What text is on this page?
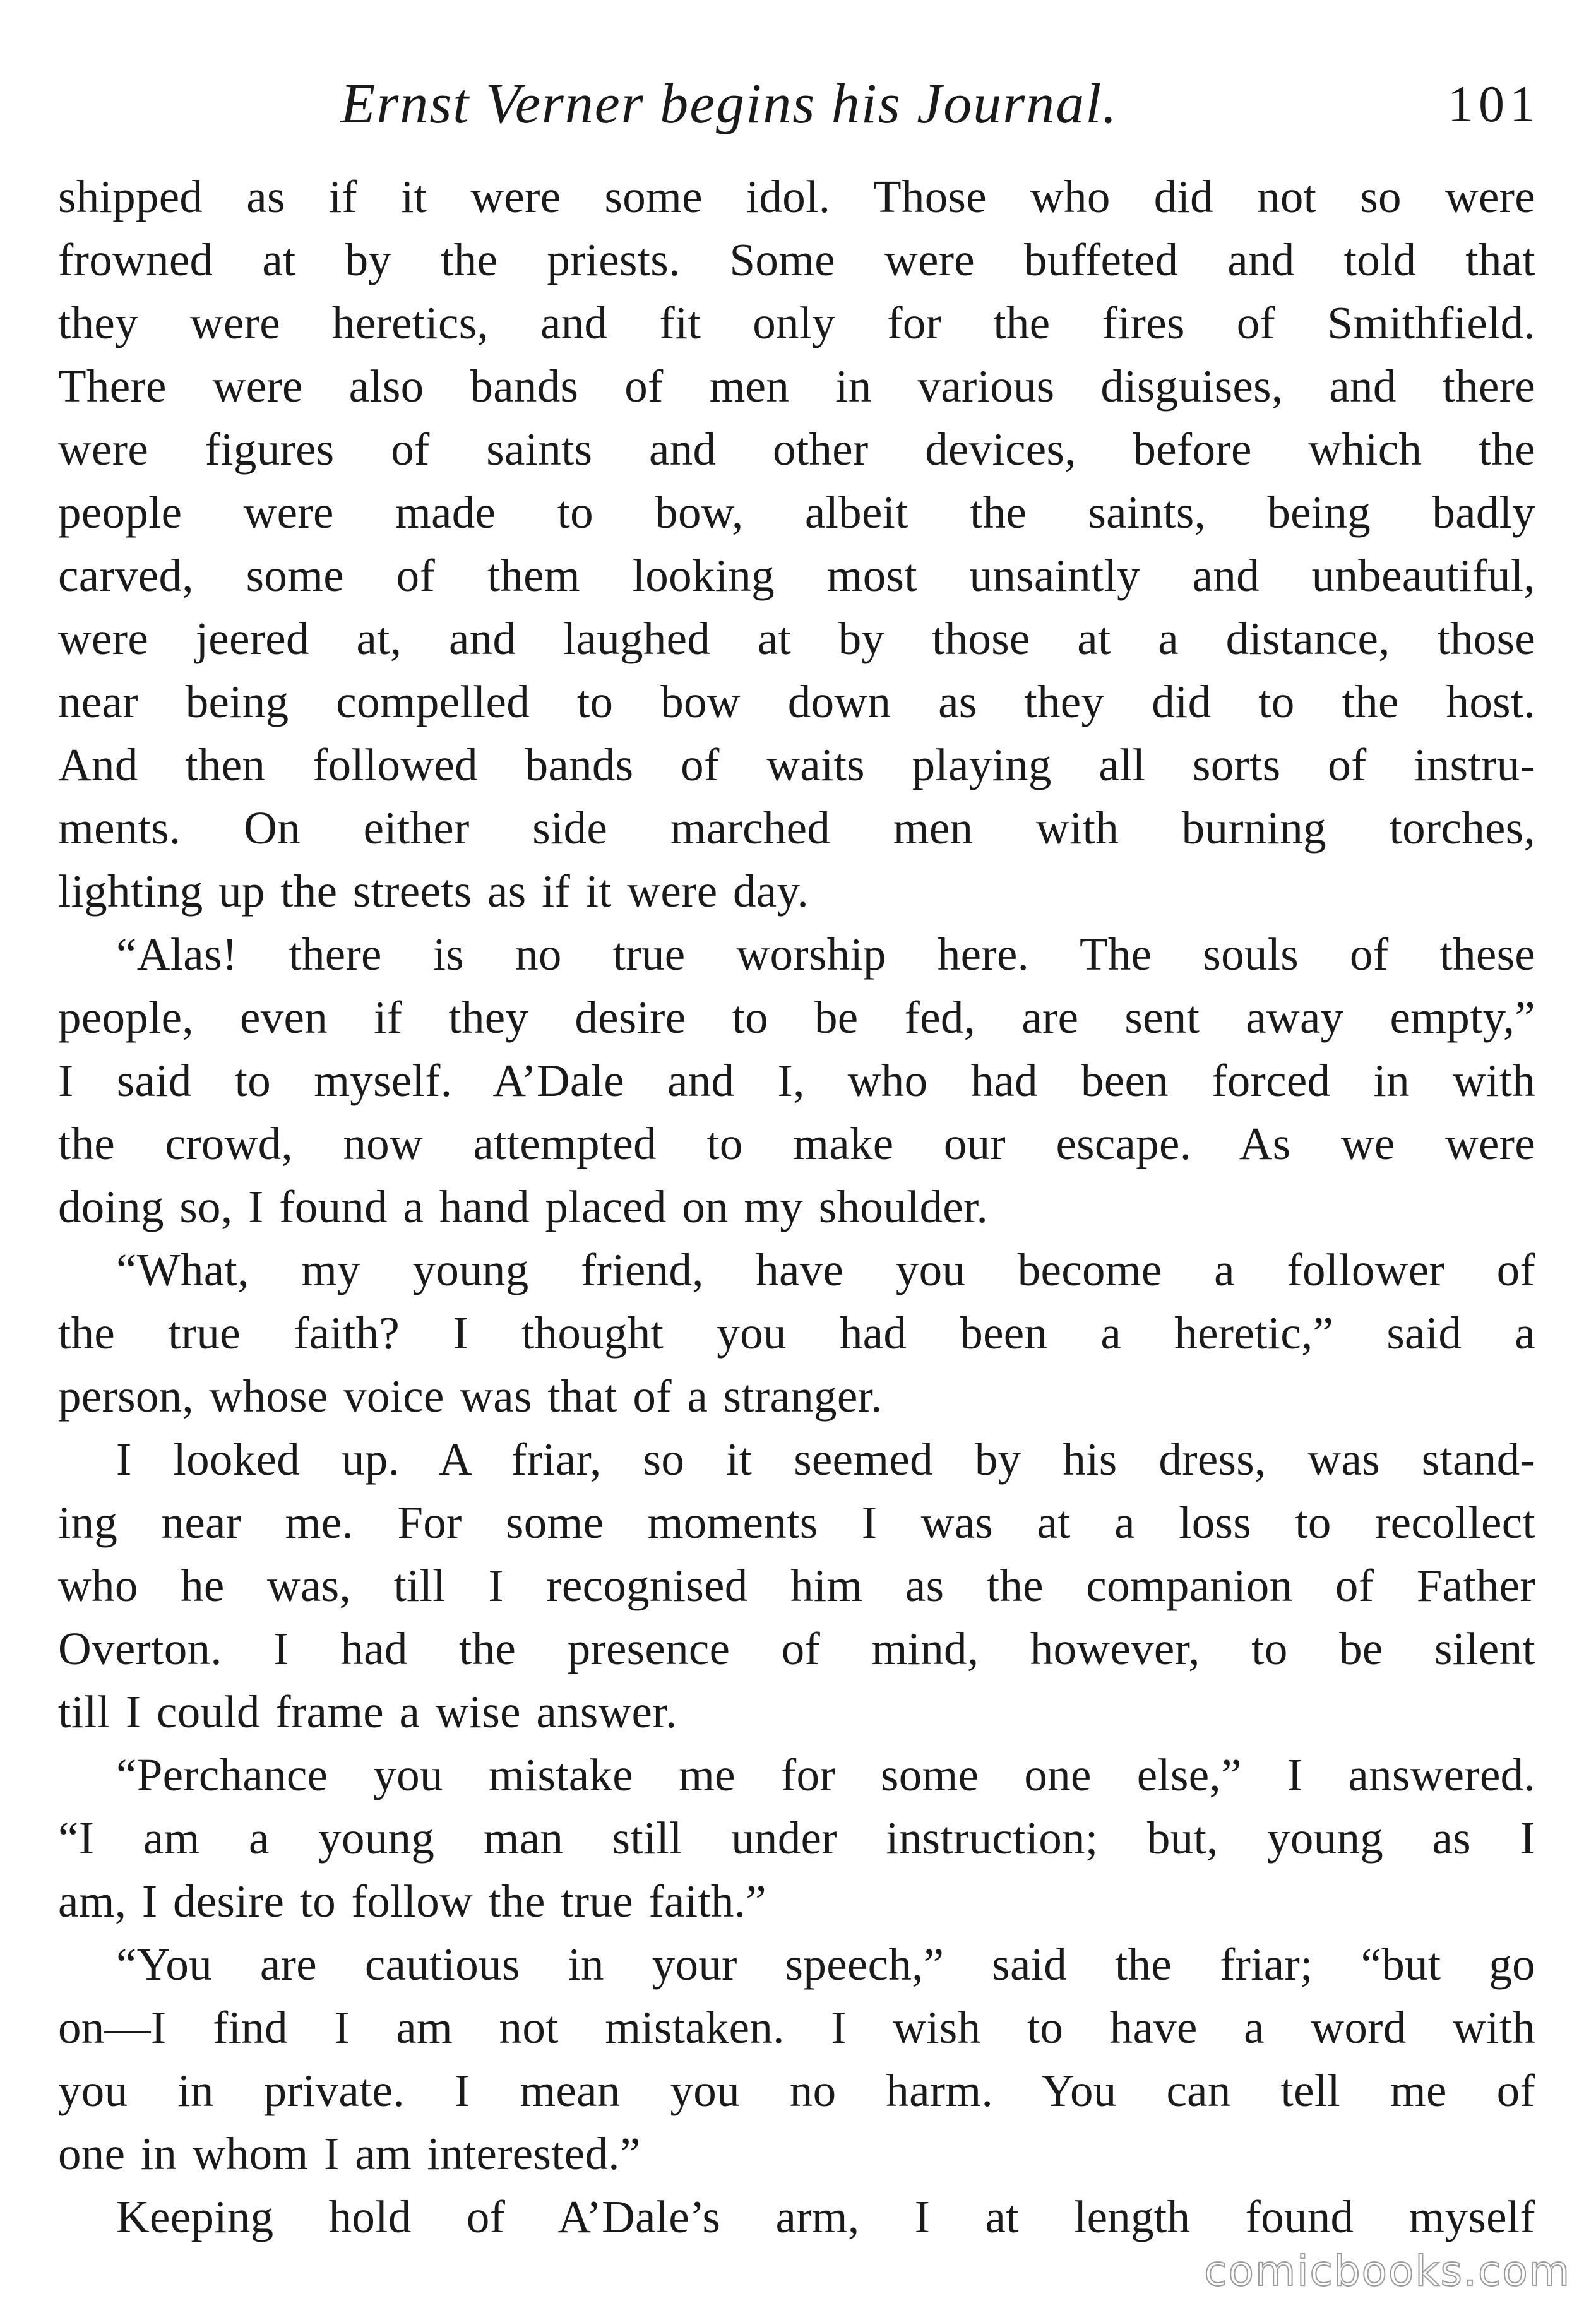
Ernst Verner begins his Journal.	101
shipped as if it were some idol. Those who did not so were
frowned at by the priests. Some were buffeted and told that
they were heretics, and fit only for the fires of Smithfield.
There were also bands of men in various disguises, and there
were figures of saints and other devices, before which the
people were made to bow, albeit the saints, being badly
carved, some of them looking most unsaintly and unbeautiful,
were jeered at, and laughed at by those at a distance, those
near being compelled to bow down as they did to the host.
And then followed bands of waits playing all sorts of instru-
ments. On either side marched men with burning torches,
lighting up the streets as if it were day.
“Alas! there is no true worship here. The souls of these
people, even if they desire to be fed, are sent away empty,”
I said to myself. A’Dale and I, who had been forced in with
the crowd, now attempted to make our escape. As we were
doing so, I found a hand placed on my shoulder.
“What, my young friend, have you become a follower of
the true faith? I thought you had been a heretic,” said a
person, whose voice was that of a stranger.
I looked up. A friar, so it seemed by his dress, was stand-
ing near me. For some moments I was at a loss to recollect
who he was, till I recognised him as the companion of Father
Overton. I had the presence of mind, however, to be silent
till I could frame a wise answer.
“Perchance you mistake me for some one else,” I answered.
“I am a young man still under instruction; but, young as I
am, I desire to follow the true faith.”
“You are cautious in your speech,” said the friar; “but go
on—I find I am not mistaken. I wish to have a word with
you in private. I mean you no harm. You can tell me of
one in whom I am interested.”
Keeping hold of A’Dale’s arm, I at length found myself
comicbooks.com
